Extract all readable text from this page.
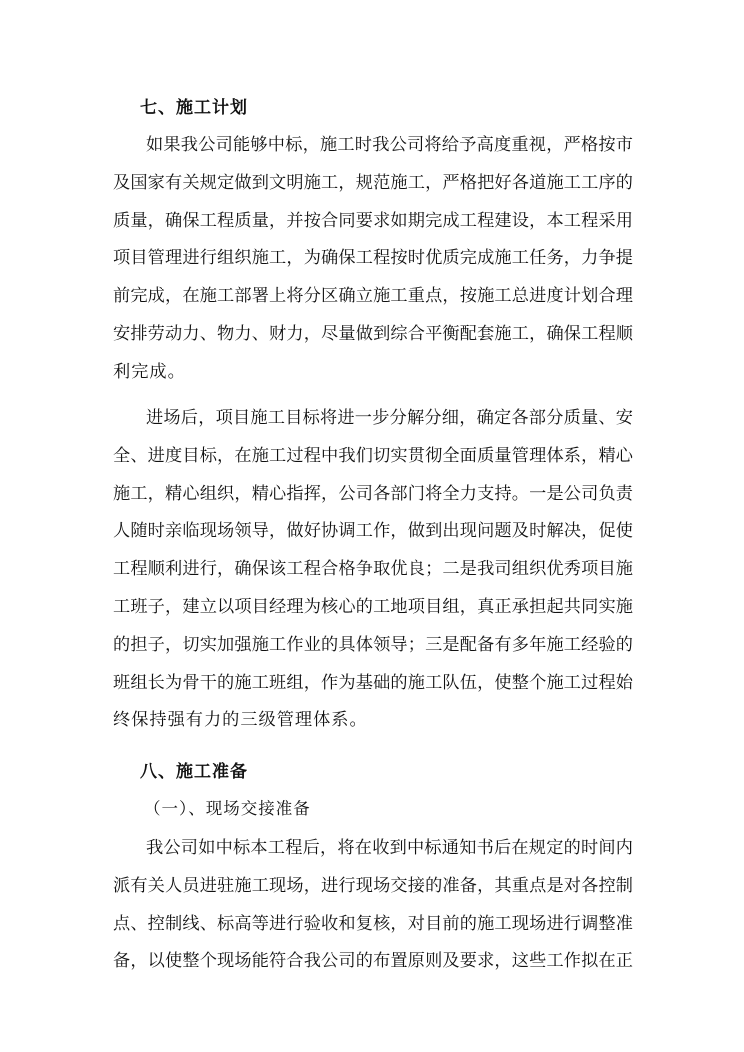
七、施工计划
如果我公司能够中标，施工时我公司将给予高度重视，严格按市
及国家有关规定做到文明施工，规范施工，严格把好各道施工工序的
质量，确保工程质量，并按合同要求如期完成工程建设，本工程采用
项目管理进行组织施工，为确保工程按时优质完成施工任务，力争提
前完成，在施工部署上将分区确立施工重点，按施工总进度计划合理
安排劳动力、物力、财力，尽量做到综合平衡配套施工，确保工程顺
利完成。
进场后，项目施工目标将进一步分解分细，确定各部分质量、安
全、进度目标，在施工过程中我们切实贯彻全面质量管理体系，精心
施工，精心组织，精心指挥，公司各部门将全力支持。一是公司负责
人随时亲临现场领导，做好协调工作，做到出现问题及时解决，促使
工程顺利进行，确保该工程合格争取优良；二是我司组织优秀项目施
工班子，建立以项目经理为核心的工地项目组，真正承担起共同实施
的担子，切实加强施工作业的具体领导；三是配备有多年施工经验的
班组长为骨干的施工班组，作为基础的施工队伍，使整个施工过程始
终保持强有力的三级管理体系。
八、施工准备

（一）、现场交接准备

我公司如中标本工程后，将在收到中标通知书后在规定的时间内
派有关人员进驻施工现场，进行现场交接的准备，其重点是对各控制
点、控制线、标高等进行验收和复核，对目前的施工现场进行调整准
备，以使整个现场能符合我公司的布置原则及要求，这些工作拟在正
